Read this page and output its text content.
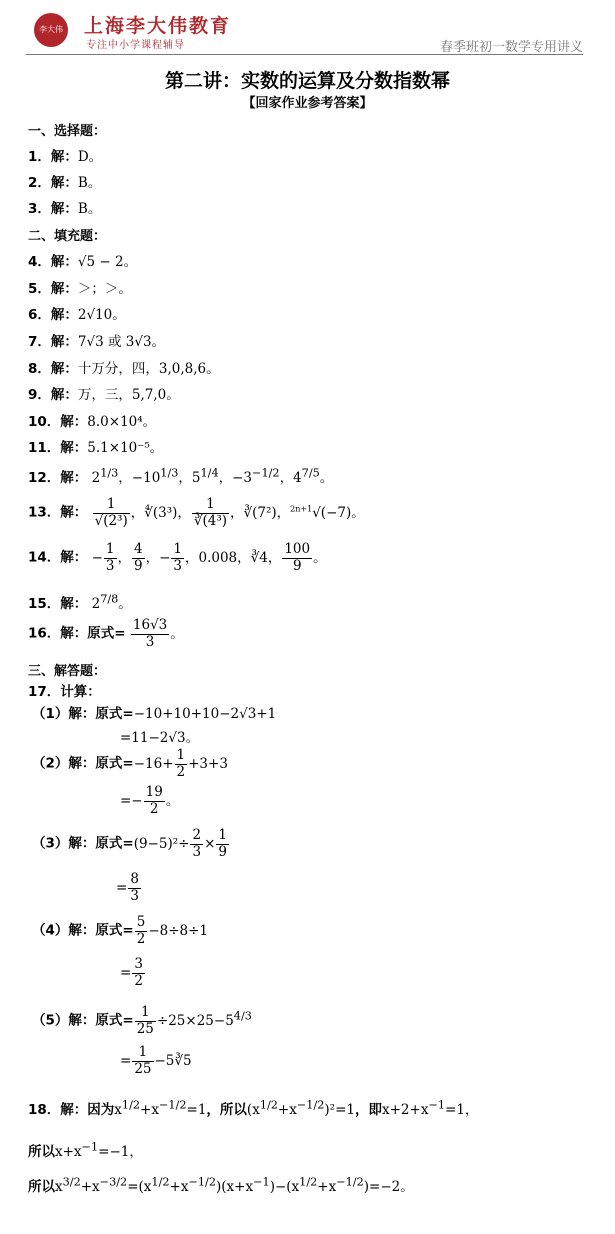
李大伟 上海李大伟教育
专注中小学课程辅导	春季班初一数学专用讲义
第二讲：实数的运算及分数指数幂
【回家作业参考答案】
一、选择题：
1．解：D。
2．解：B。
3．解：B。
二、填充题：
4．解：√5 − 2。
5．解：＞；＞。
6．解：2√10。
7．解：7√3 或 3√3。
8．解：十万分，四，3,0,8,6。
9．解：万，三，5,7,0。
10．解：8.0×10⁴。
11．解：5.1×10⁻⁵。
12．解： $2^{1/3}$，$-10^{1/3}$，$5^{1/4}$，$-3^{-1/2}$，$4^{7/5}$。
13．解： $\frac{1}{\text{√(2³)}}$ ，∜(3³)， $\frac{1}{\text{∛(4³)}}$ ，∛(7²)，$^{2n+1}$√(−7)。
14．解： − $\frac{1}{3}$ ， $\frac{4}{9}$ ，− $\frac{1}{3}$ ，0.008，∛4， $\frac{100}{9}$ 。
15．解： $2^{7/8}$。
16．解：原式= $\frac{16√3}{3}$ 。
三、解答题：
17．计算：
（1）解：原式=−10+10+10−2√3+1
=11−2√3。
（2）解：原式$=-16+ \frac{1}{2} +3+3$
=− $\frac{19}{2}$ 。
（3）解：原式$=(9-5)^2\div \frac{2}{3} \times \frac{1}{9}$
= $\frac{8}{3}$
（4）解：原式= $\frac{5}{2} -8\div 8\div 1$
= $\frac{3}{2}$
（5）解：原式= $\frac{1}{25} \div 25\times 25-5^{4/3}$
= $\frac{1}{25}$ −5∛5
18．解：因为$x^{1/2}+x^{-1/2}=1$，所以$(x^{1/2}+x^{-1/2})^2=1$，即$x+2+x^{-1}=1$，
所以$x+x^{-1}=-1$，
所以$x^{3/2}+x^{-3/2}=(x^{1/2}+x^{-1/2})(x+x^{-1})-(x^{1/2}+x^{-1/2})=-2$。
